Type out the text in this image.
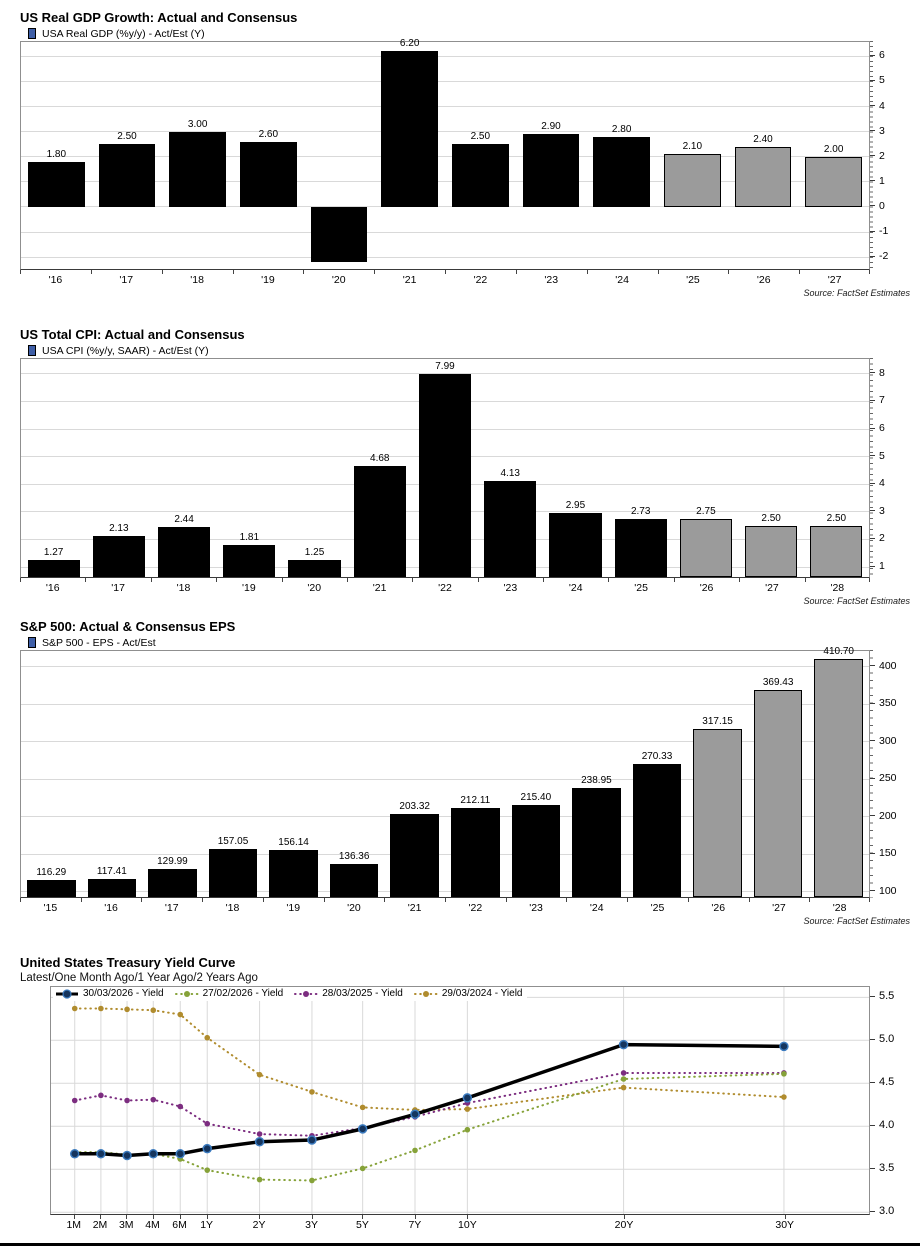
US Real GDP Growth: Actual and Consensus
USA Real GDP (%y/y) - Act/Est (Y)
1.80
2.50
3.00
2.60
6.20
2.50
2.90	2.80
2.10
2.40
2.00
6
5
4
3
2
1
0
-1
-2
'16	'17	'18	'19	'20	'21	'22	'23	'24	'25	'26	'27
Source: FactSet Estimates
US Total CPI: Actual and Consensus
USA CPI (%y/y, SAAR) - Act/Est (Y)
1.27
2.13
2.44
1.81
1.25
4.68
7.99
4.13
2.95
2.73	2.75
2.50	2.50
8
7
6
5
4
3
2
1
'16	'17	'18	'19	'20	'21	'22	'23	'24	'25	'26	'27	'28
Source: FactSet Estimates
S&P 500: Actual & Consensus EPS
S&P 500 - EPS - Act/Est
116.29	117.41
129.99
157.05	156.14
136.36
203.32
212.11	215.40
238.95
270.33
317.15
369.43
410.70
400
350
300
250
200
150
100
'15	'16	'17	'18	'19	'20	'21	'22	'23	'24	'25	'26	'27	'28
Source: FactSet Estimates
United States Treasury Yield Curve
Latest/One Month Ago/1 Year Ago/2 Years Ago
30/03/2026 - Yield	27/02/2026 - Yield	28/03/2025 - Yield	29/03/2024 - Yield	5.5
5.0
4.5
4.0
3.5
3.0
1M 2M 3M 4M 6M 1Y	2Y	3Y	5Y	7Y	10Y	20Y	30Y
